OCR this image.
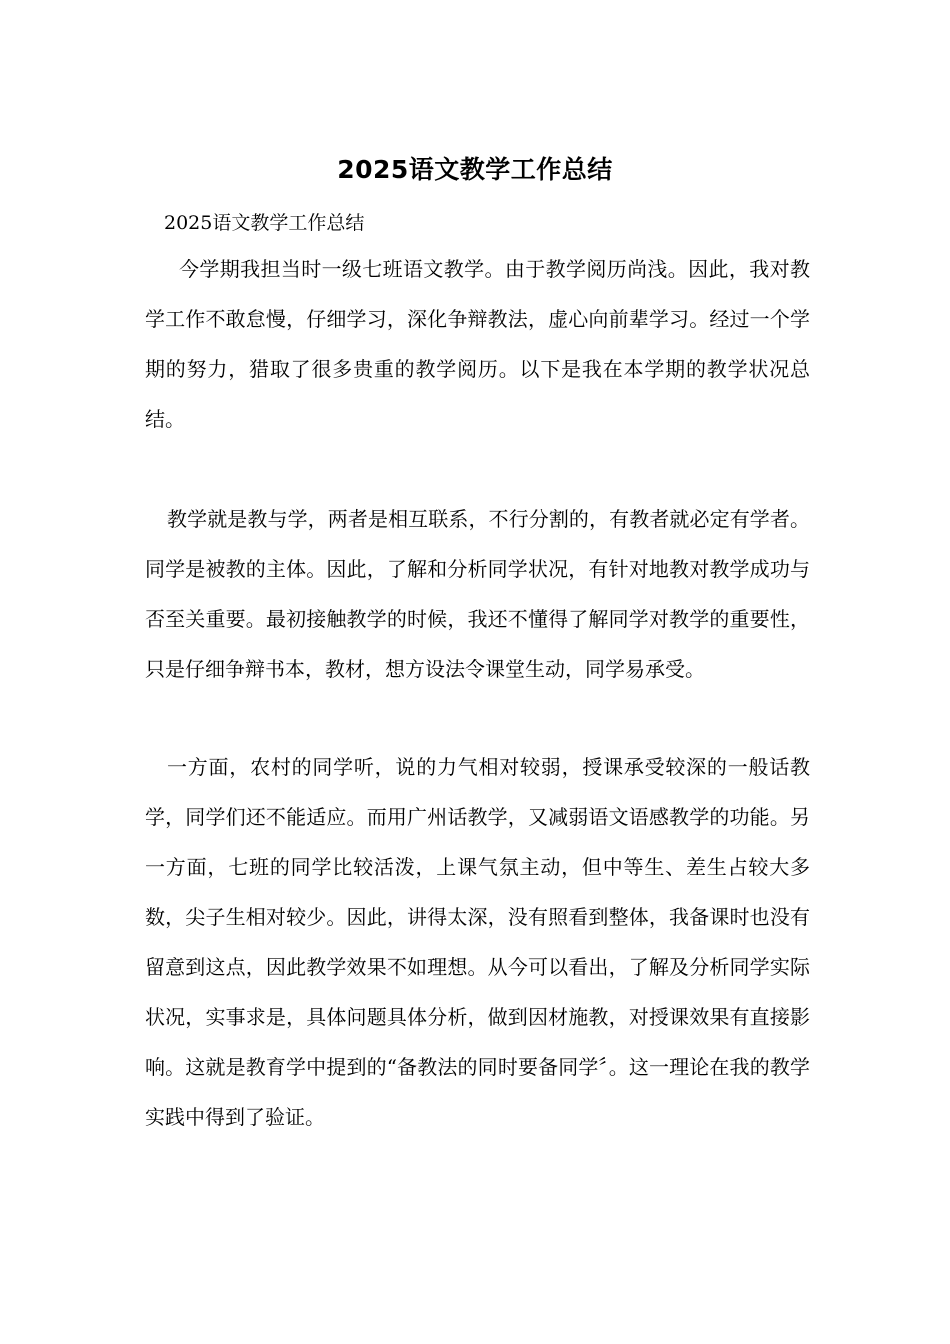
2025语文教学工作总结
2025语文教学工作总结

今学期我担当时一级七班语文教学。由于教学阅历尚浅。因此，我对教学工作不敢怠慢，仔细学习，深化争辩教法，虚心向前辈学习。经过一个学期的努力，猎取了很多贵重的教学阅历。以下是我在本学期的教学状况总结。

教学就是教与学，两者是相互联系，不行分割的，有教者就必定有学者。同学是被教的主体。因此，了解和分析同学状况，有针对地教对教学成功与否至关重要。最初接触教学的时候，我还不懂得了解同学对教学的重要性，只是仔细争辩书本，教材，想方设法令课堂生动，同学易承受。

一方面，农村的同学听，说的力气相对较弱，授课承受较深的一般话教学，同学们还不能适应。而用广州话教学，又减弱语文语感教学的功能。另一方面，七班的同学比较活泼，上课气氛主动，但中等生、差生占较大多数，尖子生相对较少。因此，讲得太深，没有照看到整体，我备课时也没有留意到这点，因此教学效果不如理想。从今可以看出，了解及分析同学实际状况，实事求是，具体问题具体分析，做到因材施教，对授课效果有直接影响。这就是教育学中提到的“备教法的同时要备同学〞。这一理论在我的教学实践中得到了验证。
